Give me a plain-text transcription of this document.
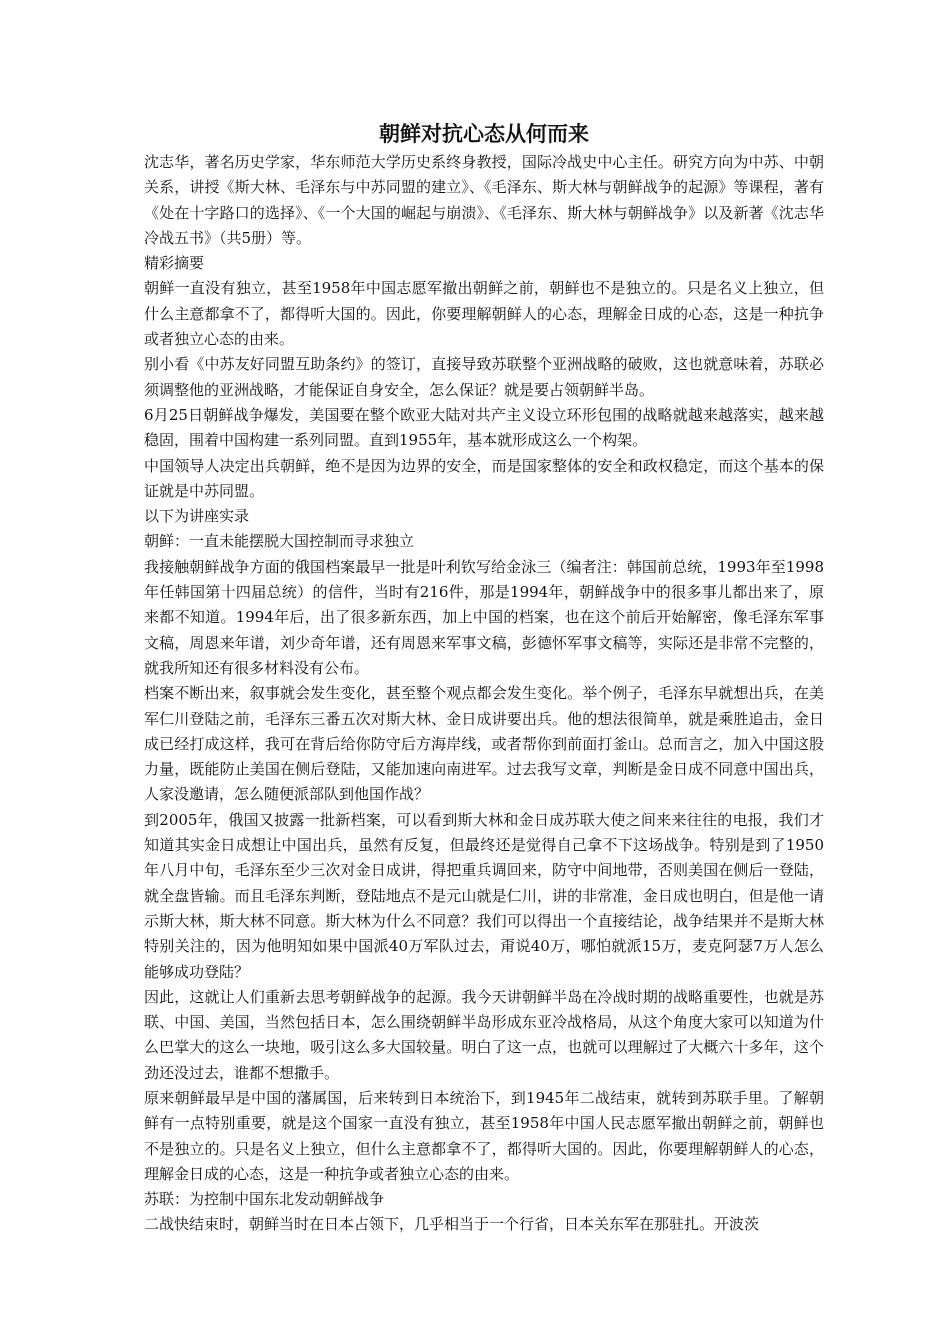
朝鲜对抗心态从何而来

沈志华，著名历史学家，华东师范大学历史系终身教授，国际冷战史中心主任。研究方向为中苏、中朝关系，讲授《斯大林、毛泽东与中苏同盟的建立》、《毛泽东、斯大林与朝鲜战争的起源》等课程，著有《处在十字路口的选择》、《一个大国的崛起与崩溃》、《毛泽东、斯大林与朝鲜战争》以及新著《沈志华冷战五书》（共5册）等。

精彩摘要

朝鲜一直没有独立，甚至1958年中国志愿军撤出朝鲜之前，朝鲜也不是独立的。只是名义上独立，但什么主意都拿不了，都得听大国的。因此，你要理解朝鲜人的心态，理解金日成的心态，这是一种抗争或者独立心态的由来。

别小看《中苏友好同盟互助条约》的签订，直接导致苏联整个亚洲战略的破败，这也就意味着，苏联必须调整他的亚洲战略，才能保证自身安全，怎么保证？就是要占领朝鲜半岛。

6月25日朝鲜战争爆发，美国要在整个欧亚大陆对共产主义设立环形包围的战略就越来越落实，越来越稳固，围着中国构建一系列同盟。直到1955年，基本就形成这么一个构架。

中国领导人决定出兵朝鲜，绝不是因为边界的安全，而是国家整体的安全和政权稳定，而这个基本的保证就是中苏同盟。

以下为讲座实录

朝鲜：一直未能摆脱大国控制而寻求独立

我接触朝鲜战争方面的俄国档案最早一批是叶利钦写给金泳三（编者注：韩国前总统，1993年至1998年任韩国第十四届总统）的信件，当时有216件，那是1994年，朝鲜战争中的很多事儿都出来了，原来都不知道。1994年后，出了很多新东西，加上中国的档案，也在这个前后开始解密，像毛泽东军事文稿，周恩来年谱，刘少奇年谱，还有周恩来军事文稿，彭德怀军事文稿等，实际还是非常不完整的，就我所知还有很多材料没有公布。

档案不断出来，叙事就会发生变化，甚至整个观点都会发生变化。举个例子，毛泽东早就想出兵，在美军仁川登陆之前，毛泽东三番五次对斯大林、金日成讲要出兵。他的想法很简单，就是乘胜追击，金日成已经打成这样，我可在背后给你防守后方海岸线，或者帮你到前面打釜山。总而言之，加入中国这股力量，既能防止美国在侧后登陆，又能加速向南进军。过去我写文章，判断是金日成不同意中国出兵，人家没邀请，怎么随便派部队到他国作战？

到2005年，俄国又披露一批新档案，可以看到斯大林和金日成苏联大使之间来来往往的电报，我们才知道其实金日成想让中国出兵，虽然有反复，但最终还是觉得自己拿不下这场战争。特别是到了1950年八月中旬，毛泽东至少三次对金日成讲，得把重兵调回来，防守中间地带，否则美国在侧后一登陆，就全盘皆输。而且毛泽东判断，登陆地点不是元山就是仁川，讲的非常准，金日成也明白，但是他一请示斯大林，斯大林不同意。斯大林为什么不同意？我们可以得出一个直接结论，战争结果并不是斯大林特别关注的，因为他明知如果中国派40万军队过去，甭说40万，哪怕就派15万，麦克阿瑟7万人怎么能够成功登陆？

因此，这就让人们重新去思考朝鲜战争的起源。我今天讲朝鲜半岛在冷战时期的战略重要性，也就是苏联、中国、美国，当然包括日本，怎么围绕朝鲜半岛形成东亚冷战格局，从这个角度大家可以知道为什么巴掌大的这么一块地，吸引这么多大国较量。明白了这一点，也就可以理解过了大概六十多年，这个劲还没过去，谁都不想撒手。

原来朝鲜最早是中国的藩属国，后来转到日本统治下，到1945年二战结束，就转到苏联手里。了解朝鲜有一点特别重要，就是这个国家一直没有独立，甚至1958年中国人民志愿军撤出朝鲜之前，朝鲜也不是独立的。只是名义上独立，但什么主意都拿不了，都得听大国的。因此，你要理解朝鲜人的心态，理解金日成的心态，这是一种抗争或者独立心态的由来。

苏联：为控制中国东北发动朝鲜战争

二战快结束时，朝鲜当时在日本占领下，几乎相当于一个行省，日本关东军在那驻扎。开波茨
